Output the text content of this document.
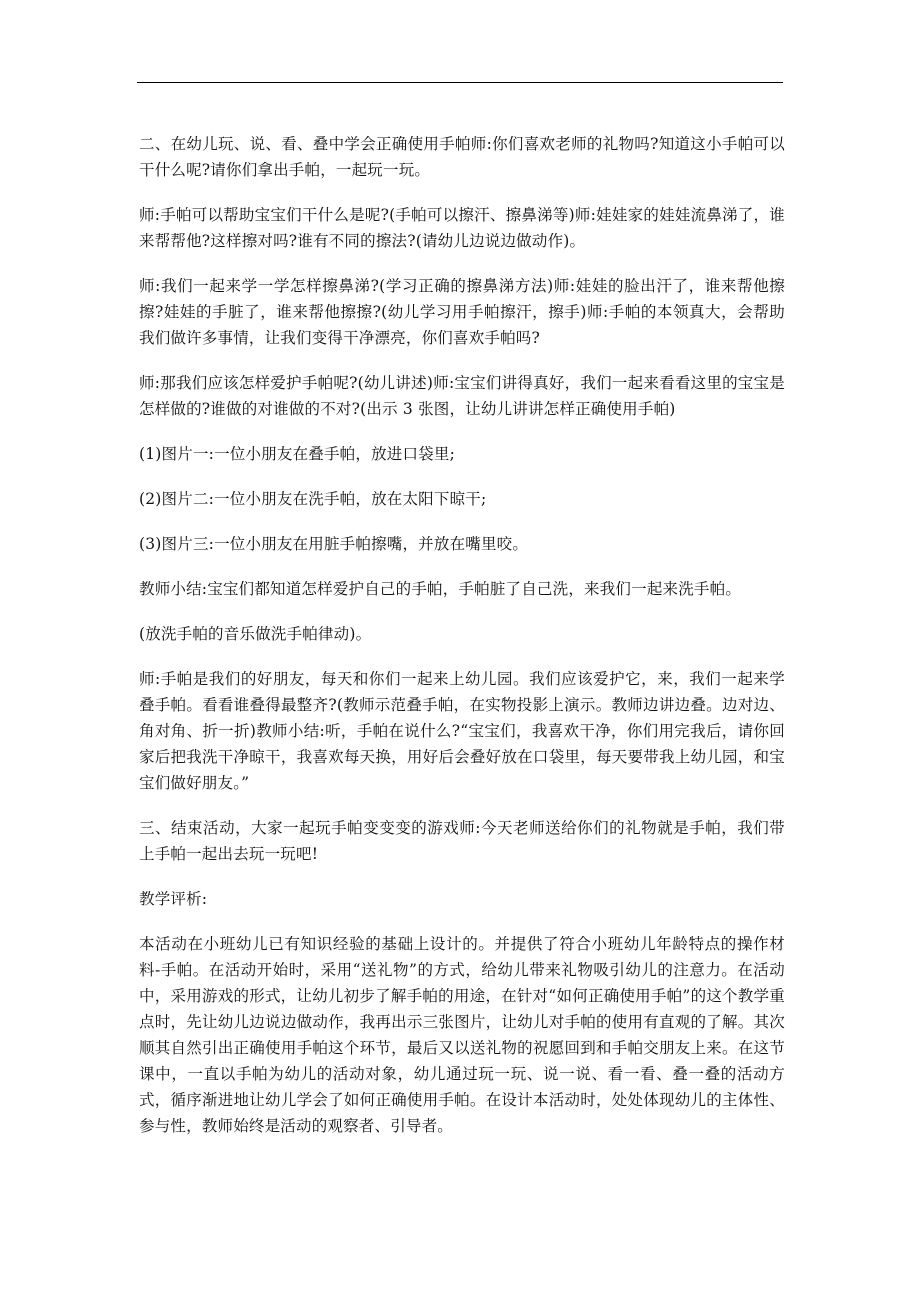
二、在幼儿玩、说、看、叠中学会正确使用手帕师:你们喜欢老师的礼物吗?知道这小手帕可以干什么呢?请你们拿出手帕，一起玩一玩。

师:手帕可以帮助宝宝们干什么是呢?(手帕可以擦汗、擦鼻涕等)师:娃娃家的娃娃流鼻涕了，谁来帮帮他?这样擦对吗?谁有不同的擦法?(请幼儿边说边做动作)。

师:我们一起来学一学怎样擦鼻涕?(学习正确的擦鼻涕方法)师:娃娃的脸出汗了，谁来帮他擦擦?娃娃的手脏了，谁来帮他擦擦?(幼儿学习用手帕擦汗，擦手)师:手帕的本领真大，会帮助我们做许多事情，让我们变得干净漂亮，你们喜欢手帕吗?

师:那我们应该怎样爱护手帕呢?(幼儿讲述)师:宝宝们讲得真好，我们一起来看看这里的宝宝是怎样做的?谁做的对谁做的不对?(出示 3 张图，让幼儿讲讲怎样正确使用手帕)

(1)图片一:一位小朋友在叠手帕，放进口袋里;

(2)图片二:一位小朋友在洗手帕，放在太阳下晾干;

(3)图片三:一位小朋友在用脏手帕擦嘴，并放在嘴里咬。

教师小结:宝宝们都知道怎样爱护自己的手帕，手帕脏了自己洗，来我们一起来洗手帕。

(放洗手帕的音乐做洗手帕律动)。

师:手帕是我们的好朋友，每天和你们一起来上幼儿园。我们应该爱护它，来，我们一起来学叠手帕。看看谁叠得最整齐?(教师示范叠手帕，在实物投影上演示。教师边讲边叠。边对边、角对角、折一折)教师小结:听，手帕在说什么?“宝宝们，我喜欢干净，你们用完我后，请你回家后把我洗干净晾干，我喜欢每天换，用好后会叠好放在口袋里，每天要带我上幼儿园，和宝宝们做好朋友。”

三、结束活动，大家一起玩手帕变变变的游戏师:今天老师送给你们的礼物就是手帕，我们带上手帕一起出去玩一玩吧!

教学评析:

本活动在小班幼儿已有知识经验的基础上设计的。并提供了符合小班幼儿年龄特点的操作材料-手帕。在活动开始时，采用“送礼物”的方式，给幼儿带来礼物吸引幼儿的注意力。在活动中，采用游戏的形式，让幼儿初步了解手帕的用途，在针对“如何正确使用手帕”的这个教学重点时，先让幼儿边说边做动作，我再出示三张图片，让幼儿对手帕的使用有直观的了解。其次顺其自然引出正确使用手帕这个环节，最后又以送礼物的祝愿回到和手帕交朋友上来。在这节课中，一直以手帕为幼儿的活动对象，幼儿通过玩一玩、说一说、看一看、叠一叠的活动方式，循序渐进地让幼儿学会了如何正确使用手帕。在设计本活动时，处处体现幼儿的主体性、参与性，教师始终是活动的观察者、引导者。
